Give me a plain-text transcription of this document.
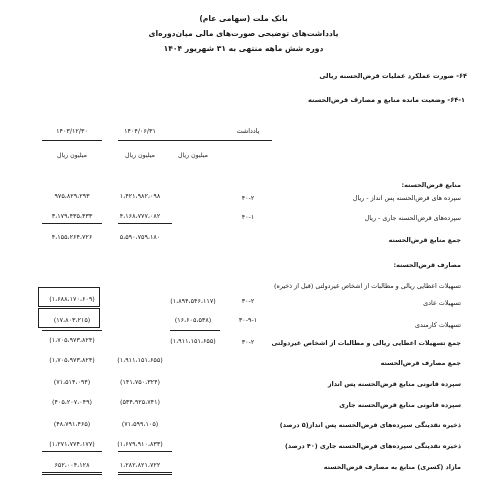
بانک ملت (سهامی عام)
یادداشت‌های توضیحی صورت‌های مالی میان‌دوره‌ای
دوره شش ماهه منتهی به ۳۱ شهریور ۱۴۰۴
۶۴- صورت عملکرد عملیات قرض‌الحسنه ریالی
۶۴-۱- وضعیت مانده منابع و مصارف قرض‌الحسنه
یادداشت
۱۴۰۴/۰۶/۳۱
۱۴۰۳/۱۲/۳۰
میلیون ریال
میلیون ریال
میلیون ریال
منابع قرض‌الحسنه:
سپرده های قرض‌الحسنه پس انداز - ریال
۴۰-۲
۱،۴۲۱،۹۸۲،۰۹۸
۹۷۵،۸۲۹،۲۹۳
سپرده‌های قرض‌الحسنه جاری - ریال
۴۰-۱
۴،۱۶۸،۷۷۷،۰۸۲
۳،۱۷۹،۴۳۵،۴۳۳
جمع منابع قرض‌الحسنه
۵،۵۹۰،۷۵۹،۱۸۰
۴،۱۵۵،۲۶۴،۷۲۶
مصارف قرض‌الحسنه:
تسهیلات اعطایی ریالی و مطالبات از اشخاص غیردولتی (قبل از ذخیره)
تسهیلات عادی
۳۰-۲
(۱،۸۹۴،۵۴۶،۱۱۷)
(۱،۶۸۸،۱۷۰،۶۰۹)
تسهیلات کارمندی
۳۰-۹-۱
(۱۶،۶۰۵،۵۳۸)
(۱۷،۸۰۳،۲۱۵)
جمع تسهیلات اعطایی ریالی و مطالبات از اشخاص غیردولتی
۳۰-۲
(۱،۹۱۱،۱۵۱،۶۵۵)
(۱،۷۰۵،۹۷۳،۸۲۴)
جمع مصارف قرض‌الحسنه
(۱،۹۱۱،۱۵۱،۶۵۵)
(۱،۷۰۵،۹۷۳،۸۲۴)
سپرده قانونی منابع قرض‌الحسنه پس انداز
(۱۴۱،۷۵۰،۳۲۴)
(۷۱،۵۱۴،۰۹۴)
سپرده قانونی منابع قرض‌الحسنه جاری
(۵۳۴،۹۲۵،۷۴۱)
(۴۰۵،۲۰۷،۰۴۹)
ذخیره نقدینگی سپرده‌های قرض‌الحسنه پس انداز(۵ درصد)
(۷۱،۵۹۹،۱۰۵)
(۴۸،۷۹۱،۴۶۵)
ذخیره نقدینگی سپرده‌های قرض‌الحسنه جاری (۴۰ درصد)
(۱،۶۷۹،۹۱۰،۸۳۳)
(۱،۲۷۱،۷۷۴،۱۷۷)
مازاد (کسری) منابع به مصارف قرض‌الحسنه
۱،۲۸۲،۸۲۱،۷۲۲
۶۵۲،۰۰۴،۱۲۸
